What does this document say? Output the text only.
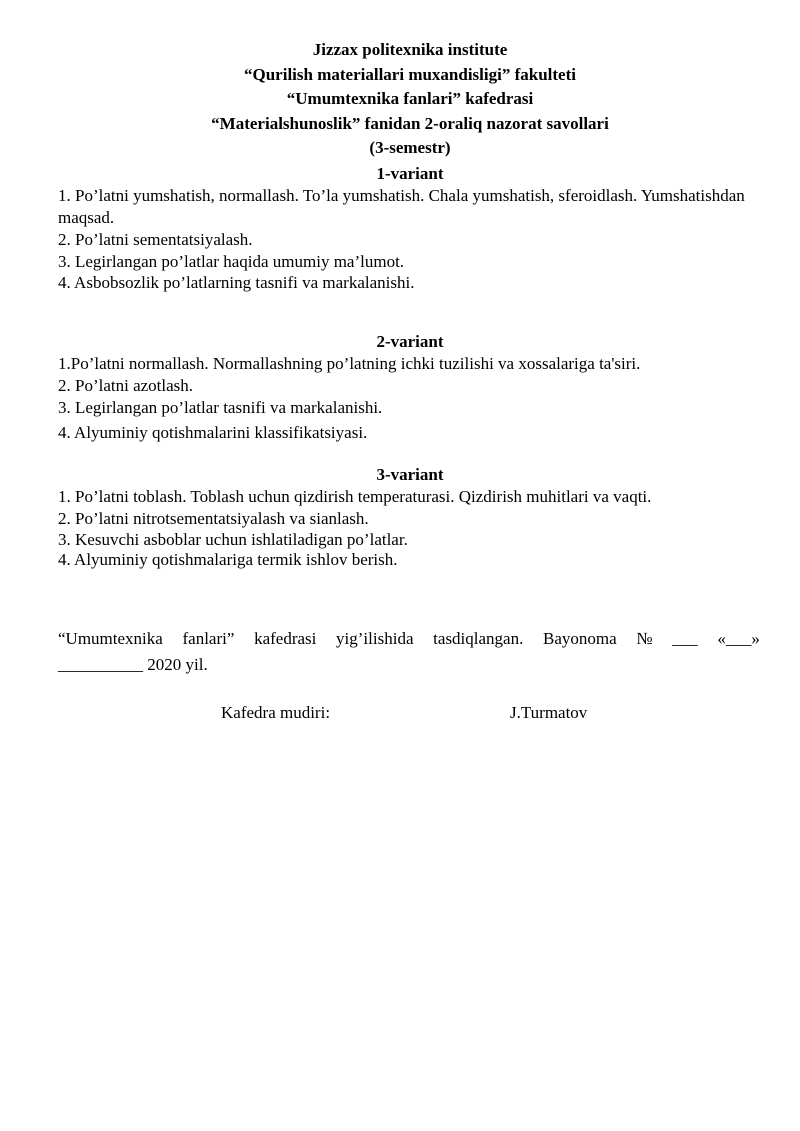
Jizzax politexnika institute
“Qurilish materiallari muxandisligi” fakulteti
“Umumtexnika fanlari” kafedrasi
“Materialshunoslik” fanidan 2-oraliq nazorat savollari
(3-semestr)
1-variant
1. Po’latni yumshatish, normallash. To’la yumshatish. Chala yumshatish, sferoidlash. Yumshatishdan maqsad.
2. Po’latni sementatsiyalash.
3. Legirlangan po’latlar haqida umumiy ma’lumot.
4. Asbobsozlik po’latlarning tasnifi va markalanishi.
2-variant
1.Po’latni normallash. Normallashning po’latning ichki tuzilishi va xossalariga ta'siri.
2. Po’latni azotlash.
3. Legirlangan po’latlar tasnifi va markalanishi.
4. Alyuminiy qotishmalarini klassifikatsiyasi.
3-variant
1. Po’latni toblash. Toblash uchun qizdirish temperaturasi. Qizdirish muhitlari va vaqti.
2. Po’latni nitrotsementatsiyalash va sianlash.
3. Kesuvchi asboblar uchun ishlatiladigan po’latlar.
4. Alyuminiy qotishmalariga termik ishlov berish.
“Umumtexnika fanlari” kafedrasi yig’ilishida tasdiqlangan. Bayonoma № ___ «___»
__________ 2020 yil.
Kafedra mudiri:	J.Turmatov
